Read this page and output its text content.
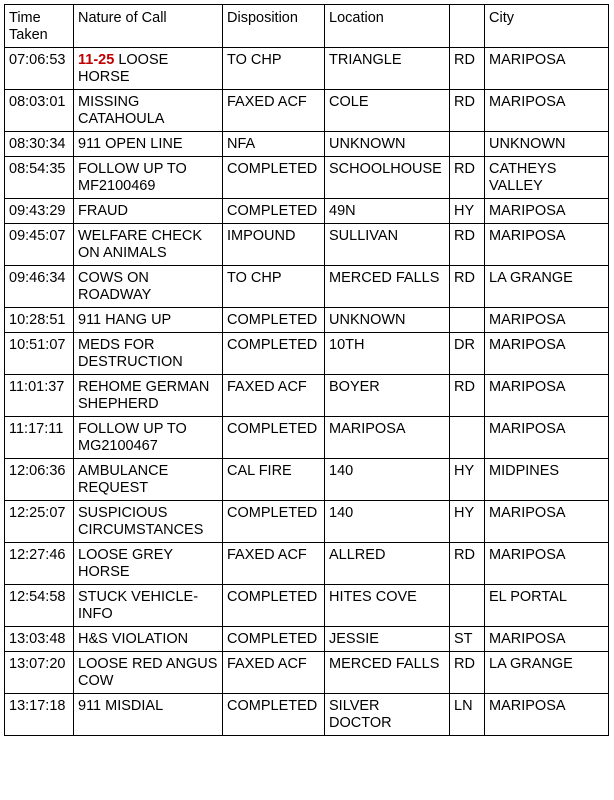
Time
Taken	Nature of Call	Disposition	Location		City
07:06:53	11-25 LOOSE HORSE	TO CHP	TRIANGLE	RD	MARIPOSA
08:03:01	MISSING CATAHOULA	FAXED ACF	COLE	RD	MARIPOSA
08:30:34	911 OPEN LINE	NFA	UNKNOWN		UNKNOWN
08:54:35	FOLLOW UP TO MF2100469	COMPLETED	SCHOOLHOUSE	RD	CATHEYS VALLEY
09:43:29	FRAUD	COMPLETED	49N	HY	MARIPOSA
09:45:07	WELFARE CHECK ON ANIMALS	IMPOUND	SULLIVAN	RD	MARIPOSA
09:46:34	COWS ON ROADWAY	TO CHP	MERCED FALLS	RD	LA GRANGE
10:28:51	911 HANG UP	COMPLETED	UNKNOWN		MARIPOSA
10:51:07	MEDS FOR DESTRUCTION	COMPLETED	10TH	DR	MARIPOSA
11:01:37	REHOME GERMAN SHEPHERD	FAXED ACF	BOYER	RD	MARIPOSA
11:17:11	FOLLOW UP TO MG2100467	COMPLETED	MARIPOSA		MARIPOSA
12:06:36	AMBULANCE REQUEST	CAL FIRE	140	HY	MIDPINES
12:25:07	SUSPICIOUS CIRCUMSTANCES	COMPLETED	140	HY	MARIPOSA
12:27:46	LOOSE GREY HORSE	FAXED ACF	ALLRED	RD	MARIPOSA
12:54:58	STUCK VEHICLE-INFO	COMPLETED	HITES COVE		EL PORTAL
13:03:48	H&S VIOLATION	COMPLETED	JESSIE	ST	MARIPOSA
13:07:20	LOOSE RED ANGUS COW	FAXED ACF	MERCED FALLS	RD	LA GRANGE
13:17:18	911 MISDIAL	COMPLETED	SILVER DOCTOR	LN	MARIPOSA
